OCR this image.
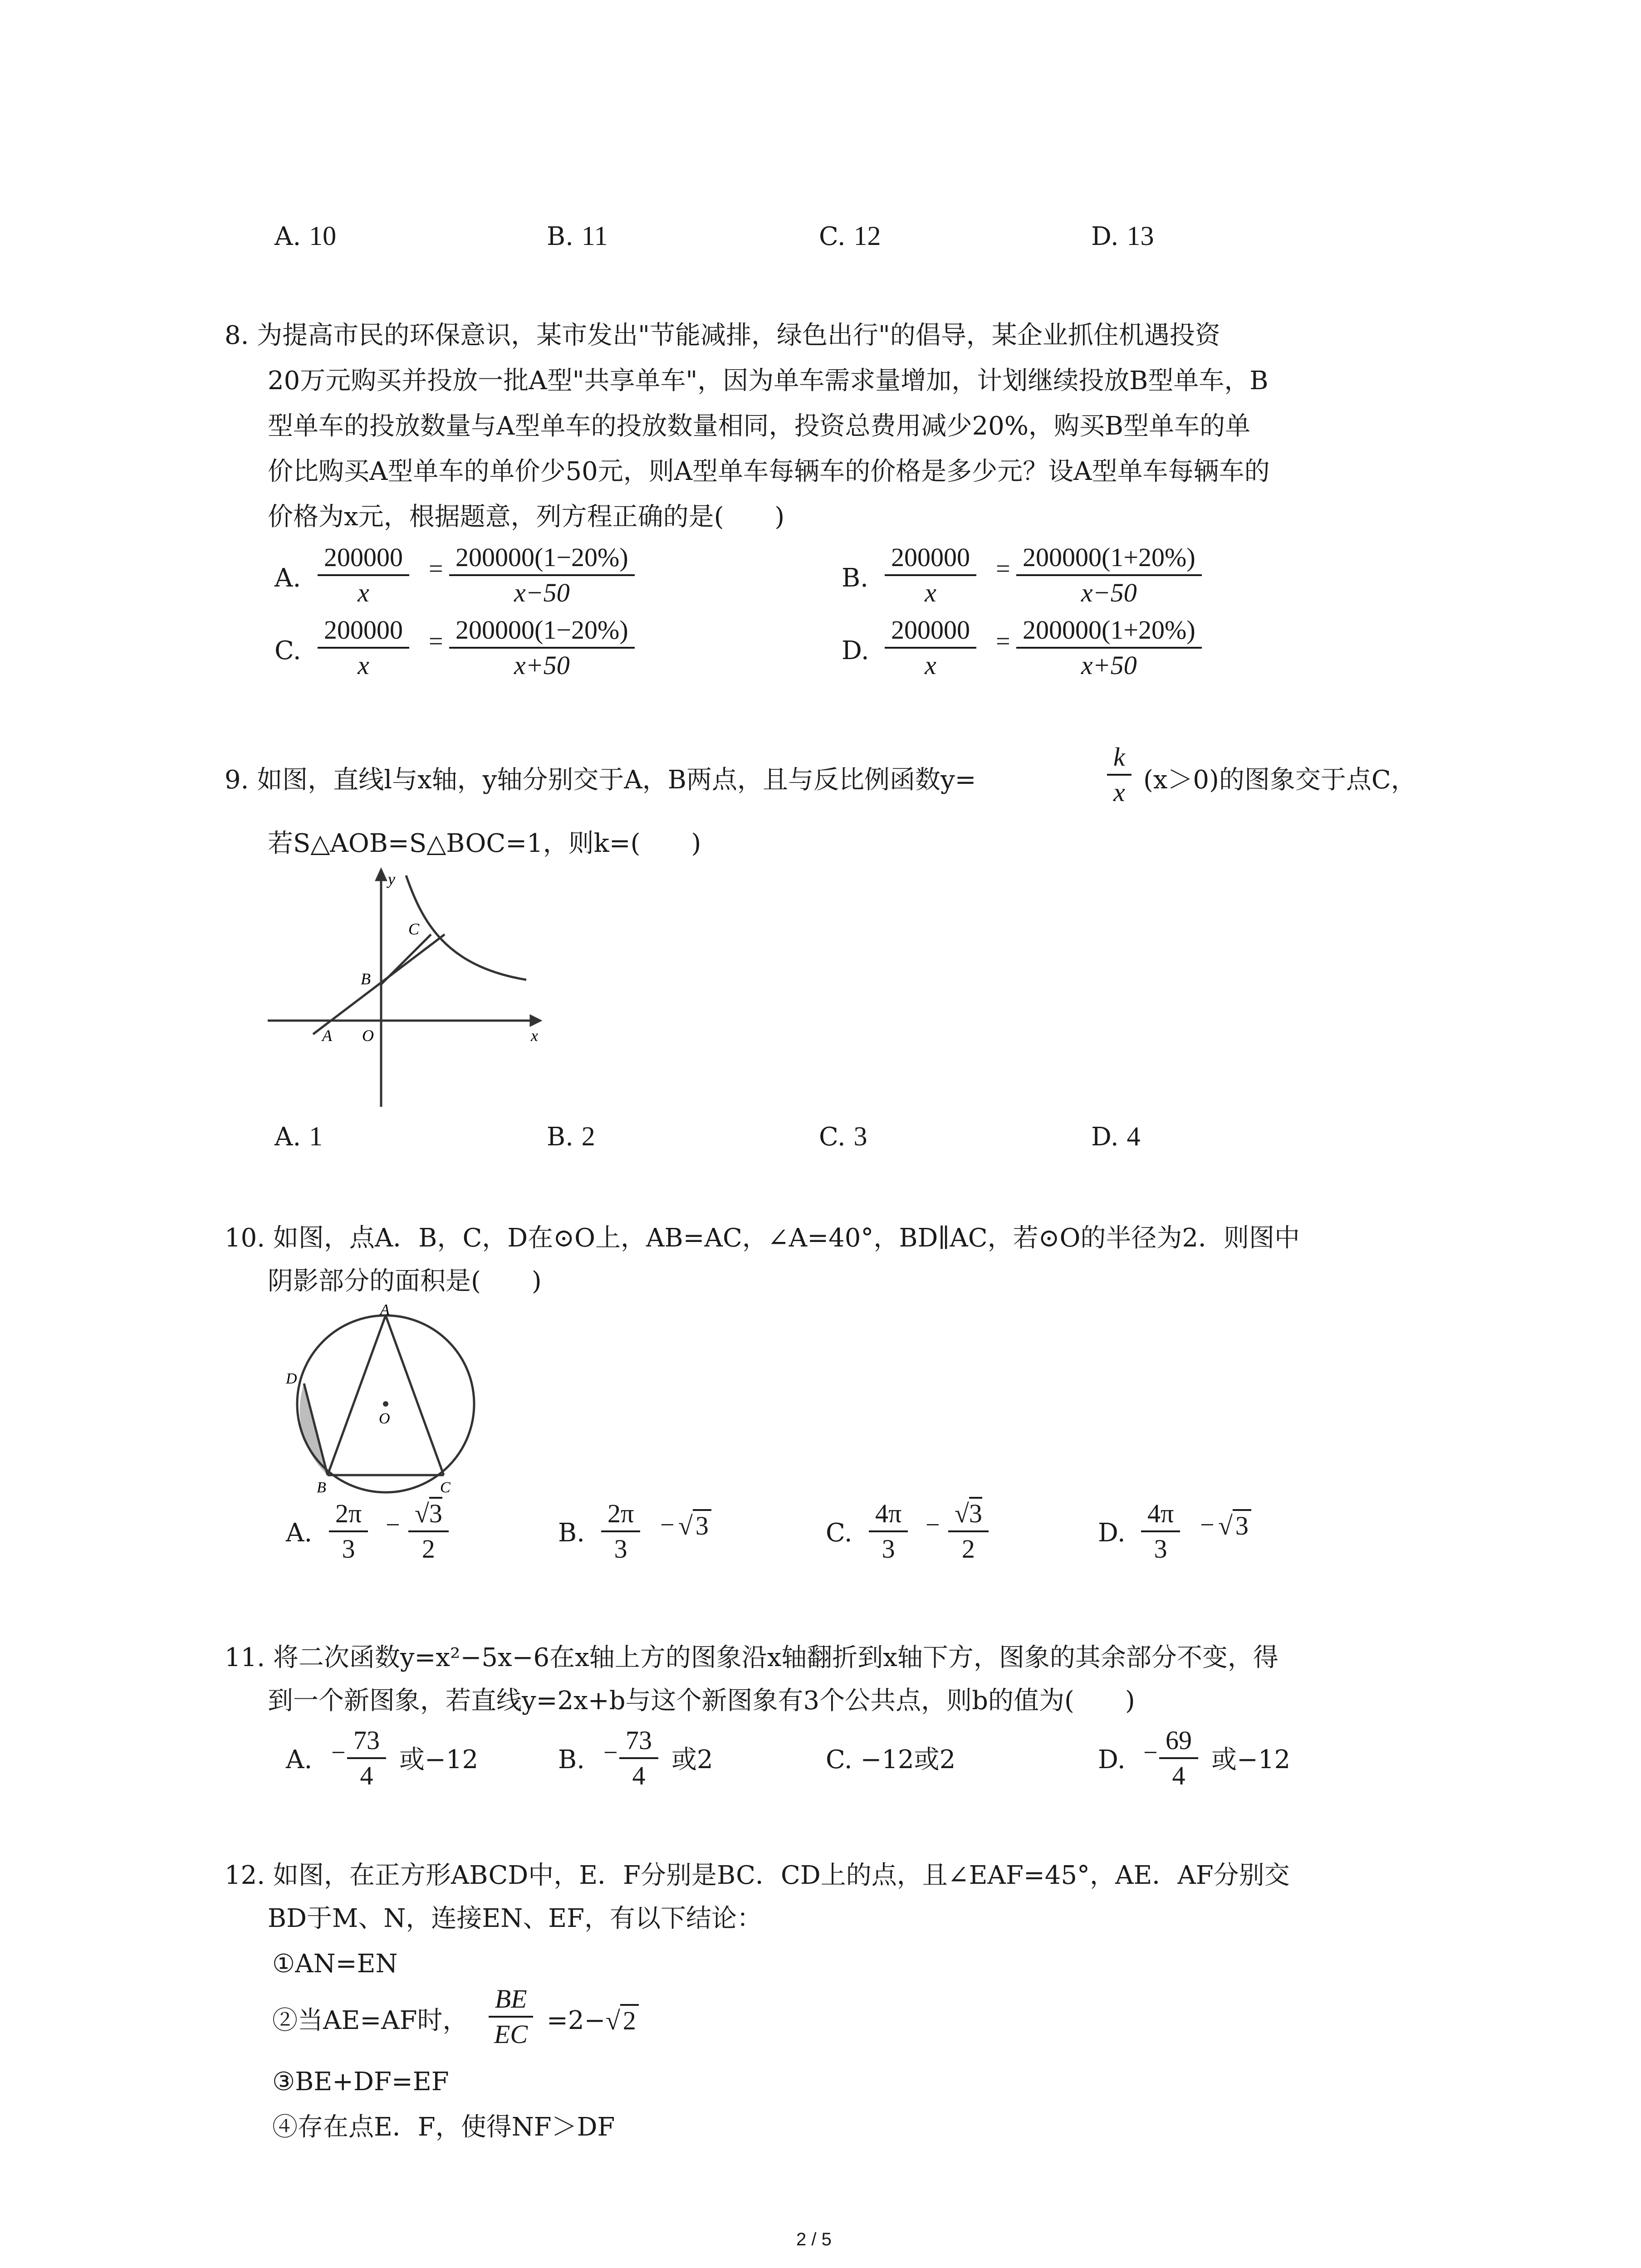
A. 10	B. 11	C. 12	D. 13
8. 为提高市民的环保意识，某市发出"节能减排，绿色出行"的倡导，某企业抓住机遇投资
20万元购买并投放一批A型"共享单车"，因为单车需求量增加，计划继续投放B型单车，B
型单车的投放数量与A型单车的投放数量相同，投资总费用减少20%，购买B型单车的单
价比购买A型单车的单价少50元，则A型单车每辆车的价格是多少元？设A型单车每辆车的
价格为x元，根据题意，列方程正确的是(　　)
A. $\frac{200000}{x} = \frac{200000(1-20\%)}{x-50}$	B. $\frac{200000}{x} = \frac{200000(1+20\%)}{x-50}$
C. $\frac{200000}{x} = \frac{200000(1-20\%)}{x+50}$	D. $\frac{200000}{x} = \frac{200000(1+20\%)}{x+50}$
9. 如图，直线l与x轴，y轴分别交于A，B两点，且与反比例函数y=	$\frac{k}{x} (x>0)$的图象交于点C，
若S△AOB=S△BOC=1，则k=(　　)
y
x
A
B
C
O
A. 1	B. 2	C. 3	D. 4
10. 如图，点A．B，C，D在⊙O上，AB=AC，∠A=40°，BD∥AC，若⊙O的半径为2．则图中
阴影部分的面积是(　　)
A
B	C
D
O
A. $\frac{2\pi}{3} - \frac{√3}{2}$	B. $\frac{2\pi}{3}$ − √ 3	C. $\frac{4\pi}{3} - \frac{√3}{2}$	D. $\frac{4\pi}{3}$ − √ 3
11. 将二次函数y=x²−5x−6在x轴上方的图象沿x轴翻折到x轴下方，图象的其余部分不变，得
到一个新图象，若直线y=2x+b与这个新图象有3个公共点，则b的值为(　　)
A. − $\frac{73}{4}$ 或−12	B. − $\frac{73}{4}$ 或2	C. −12或2	D. − $\frac{69}{4}$ 或−12
12. 如图，在正方形ABCD中，E．F分别是BC．CD上的点，且∠EAF=45°，AE．AF分别交
BD于M、N，连接EN、EF，有以下结论：
①AN=EN
②当AE=AF时， $\frac{BE}{EC} =2-$ √ 2
③BE+DF=EF
④存在点E．F，使得NF＞DF
2 / 5
